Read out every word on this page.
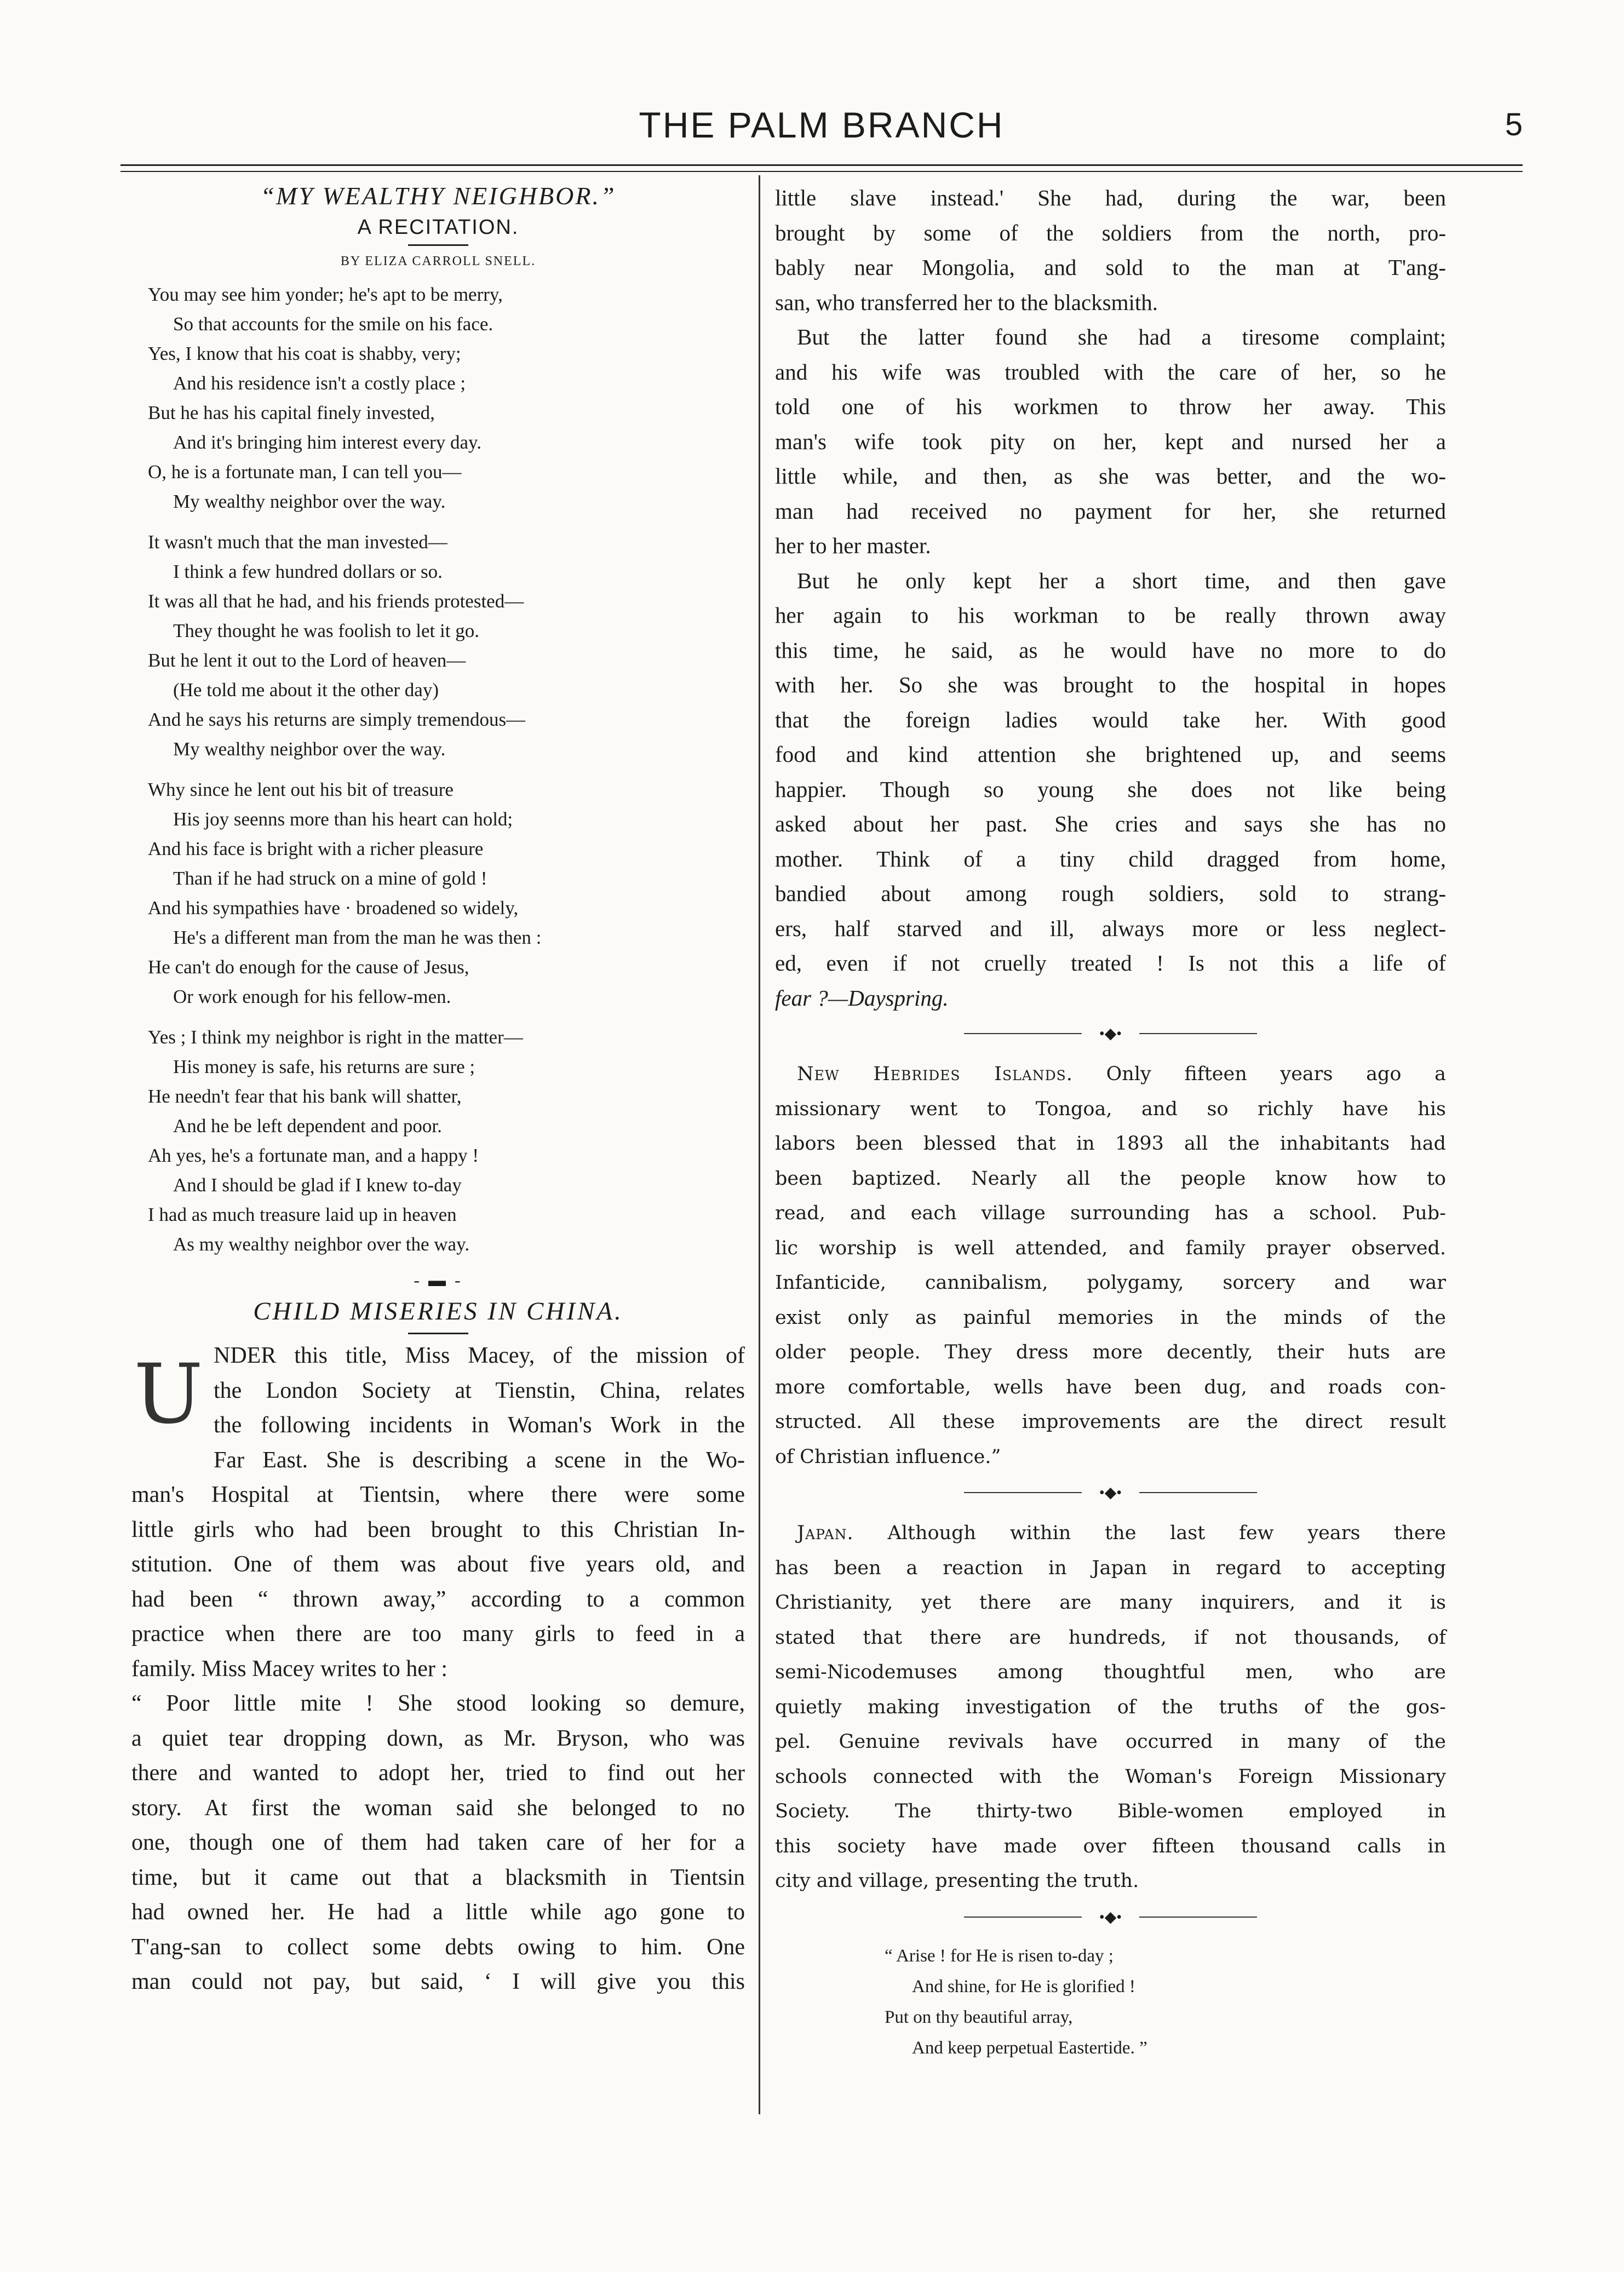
THE PALM BRANCH	5

“MY WEALTHY NEIGHBOR.”

A RECITATION.

BY ELIZA CARROLL SNELL.

You may see him yonder; he's apt to be merry,
So that accounts for the smile on his face.
Yes, I know that his coat is shabby, very;
And his residence isn't a costly place ;
But he has his capital finely invested,
And it's bringing him interest every day.
O, he is a fortunate man, I can tell you—
My wealthy neighbor over the way.
It wasn't much that the man invested—
I think a few hundred dollars or so.
It was all that he had, and his friends protested—
They thought he was foolish to let it go.
But he lent it out to the Lord of heaven—
(He told me about it the other day)
And he says his returns are simply tremendous—
My wealthy neighbor over the way.
Why since he lent out his bit of treasure
His joy seenns more than his heart can hold;
And his face is bright with a richer pleasure
Than if he had struck on a mine of gold !
And his sympathies have · broadened so widely,
He's a different man from the man he was then :
He can't do enough for the cause of Jesus,
Or work enough for his fellow-men.
Yes ; I think my neighbor is right in the matter—
His money is safe, his returns are sure ;
He needn't fear that his bank will shatter,
And he be left dependent and poor.
Ah yes, he's a fortunate man, and a happy !
And I should be glad if I knew to-day
I had as much treasure laid up in heaven
As my wealthy neighbor over the way.
- ▬ -

CHILD MISERIES IN CHINA.

U NDER this title, Miss Macey, of the mission of
the London Society at Tienstin, China, relates
the following incidents in Woman's Work in the
Far East. She is describing a scene in the Wo-
man's Hospital at Tientsin, where there were some
little girls who had been brought to this Christian In-
stitution. One of them was about five years old, and
had been “ thrown away,” according to a common
practice when there are too many girls to feed in a
family. Miss Macey writes to her :
“ Poor little mite ! She stood looking so demure,
a quiet tear dropping down, as Mr. Bryson, who was
there and wanted to adopt her, tried to find out her
story. At first the woman said she belonged to no
one, though one of them had taken care of her for a
time, but it came out that a blacksmith in Tientsin
had owned her. He had a little while ago gone to
T'ang-san to collect some debts owing to him. One
man could not pay, but said, ‘ I will give you this
little slave instead.' She had, during the war, been
brought by some of the soldiers from the north, pro-
bably near Mongolia, and sold to the man at T'ang-
san, who transferred her to the blacksmith.
But the latter found she had a tiresome complaint;
and his wife was troubled with the care of her, so he
told one of his workmen to throw her away. This
man's wife took pity on her, kept and nursed her a
little while, and then, as she was better, and the wo-
man had received no payment for her, she returned
her to her master.
But he only kept her a short time, and then gave
her again to his workman to be really thrown away
this time, he said, as he would have no more to do
with her. So she was brought to the hospital in hopes
that the foreign ladies would take her. With good
food and kind attention she brightened up, and seems
happier. Though so young she does not like being
asked about her past. She cries and says she has no
mother. Think of a tiny child dragged from home,
bandied about among rough soldiers, sold to strang-
ers, half starved and ill, always more or less neglect-
ed, even if not cruelly treated ! Is not this a life of
fear ?—Dayspring.
•◆•
New Hebrides Islands. Only fifteen years ago a
missionary went to Tongoa, and so richly have his
labors been blessed that in 1893 all the inhabitants had
been baptized. Nearly all the people know how to
read, and each village surrounding has a school. Pub-
lic worship is well attended, and family prayer observed.
Infanticide, cannibalism, polygamy, sorcery and war
exist only as painful memories in the minds of the
older people. They dress more decently, their huts are
more comfortable, wells have been dug, and roads con-
structed. All these improvements are the direct result
of Christian influence.”
•◆•
Japan. Although within the last few years there
has been a reaction in Japan in regard to accepting
Christianity, yet there are many inquirers, and it is
stated that there are hundreds, if not thousands, of
semi-Nicodemuses among thoughtful men, who are
quietly making investigation of the truths of the gos-
pel. Genuine revivals have occurred in many of the
schools connected with the Woman's Foreign Missionary
Society. The thirty-two Bible-women employed in
this society have made over fifteen thousand calls in
city and village, presenting the truth.
•◆•
“ Arise ! for He is risen to-day ;
And shine, for He is glorified !
Put on thy beautiful array,
And keep perpetual Eastertide. ”
